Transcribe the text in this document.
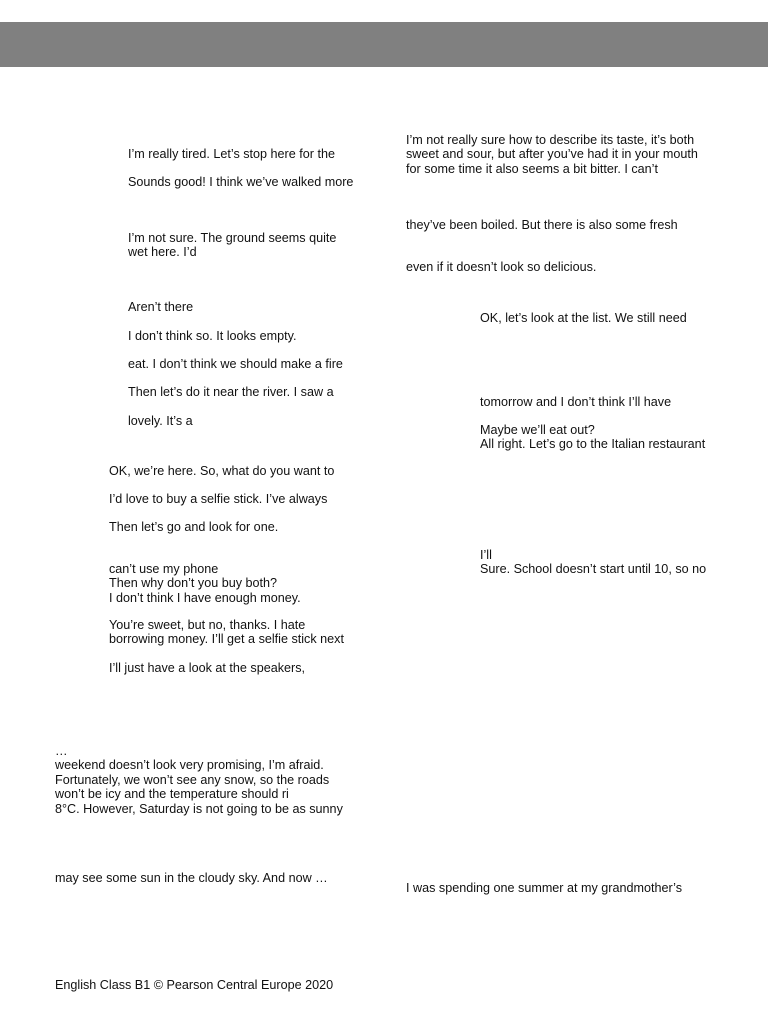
I’m really tired. Let’s stop here for the

Sounds good! I think we’ve walked more

I’m not sure. The ground seems quite
wet here. I’d

Aren’t there

I don’t think so. It looks empty.

eat. I don’t think we should make a fire

Then let’s do it near the river. I saw a

lovely. It’s a

OK, we’re here. So, what do you want to

I’d love to buy a selfie stick. I’ve always

Then let’s go and look for one.

can’t use my phone
Then why don’t you buy both?
I don’t think I have enough money.

You’re sweet, but no, thanks. I hate
borrowing money. I’ll get a selfie stick next

I’ll just have a look at the speakers,

…
weekend doesn’t look very promising, I’m afraid.
Fortunately, we won’t see any snow, so the roads
won’t be icy and the temperature should ri
8°C. However, Saturday is not going to be as sunny

may see some sun in the cloudy sky. And now …

I’m not really sure how to describe its taste, it’s both
sweet and sour, but after you’ve had it in your mouth
for some time it also seems a bit bitter. I can’t

they’ve been boiled. But there is also some fresh

even if it doesn’t look so delicious.

OK, let’s look at the list. We still need

tomorrow and I don’t think I’ll have

Maybe we’ll eat out?
All right. Let’s go to the Italian restaurant

I’ll
Sure. School doesn’t start until 10, so no

I was spending one summer at my grandmother’s

English Class B1 © Pearson Central Europe 2020
